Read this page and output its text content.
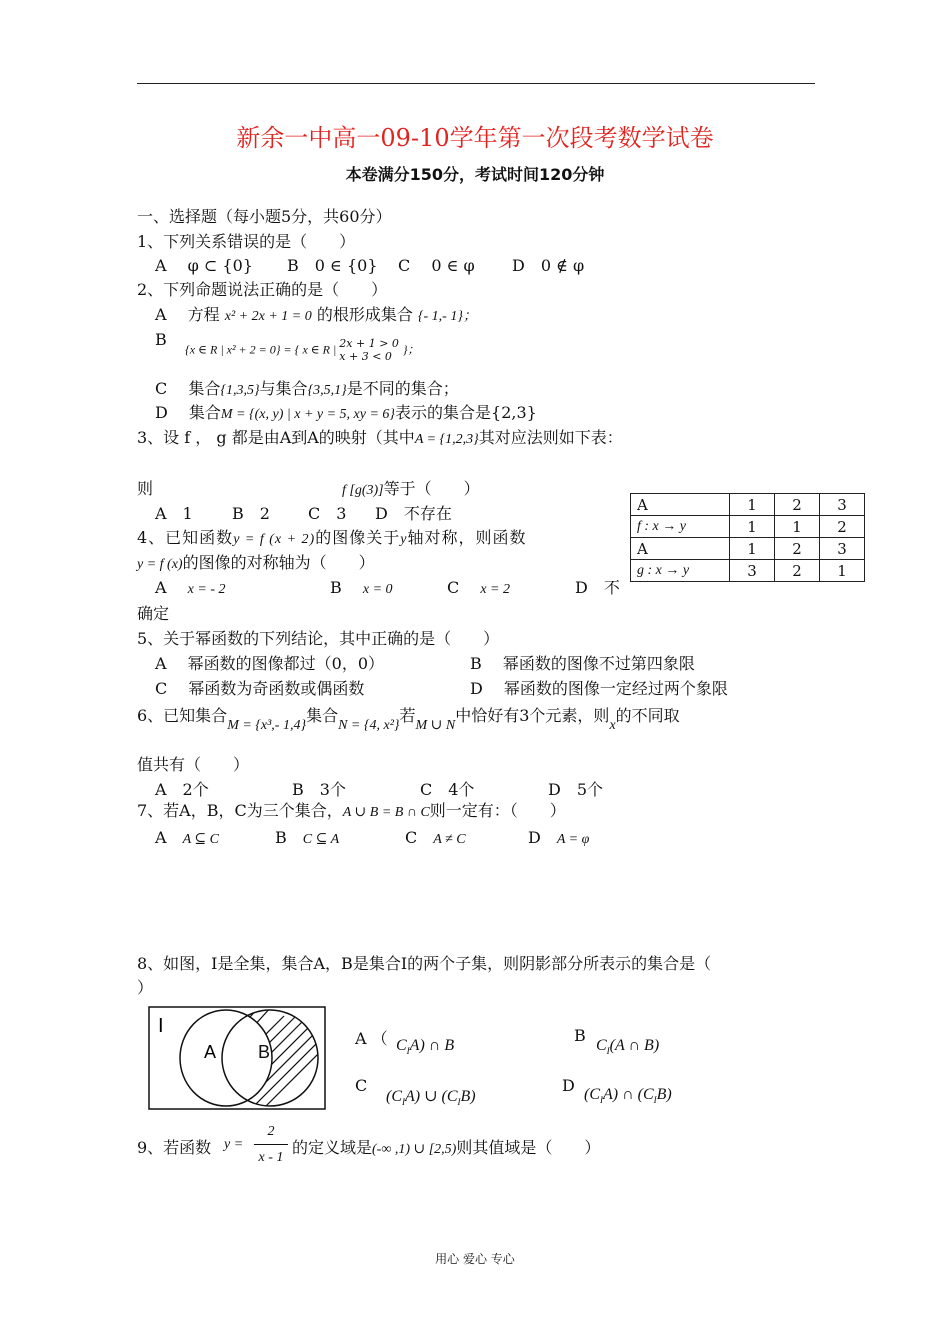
新余一中高一09-10学年第一次段考数学试卷
本卷满分150分，考试时间120分钟
一、选择题（每小题5分，共60分）
1、下列关系错误的是（　　）
A　 φ ⊂ {0} B　0 ∈ {0} C　 0 ∈ φ D　0 ∉ φ
2、下列命题说法正确的是（　　）
A　 方程 x² + 2x + 1 = 0 的根形成集合 {- 1,- 1}；
B
{x ∈ R | x² + 2 = 0} = { x ∈ R | 2x + 1 > 0
x + 3 < 0 }；
C　 集合{1,3,5}与集合{3,5,1}是不同的集合；
D　 集合M = {(x, y) | x + y = 5, xy = 6}表示的集合是{2,3}
3、设 f ， g 都是由A到A的映射（其中A = {1,2,3}其对应法则如下表：
则	f [g(3)]等于（　　）
A　1 B　2 C　3 D　不存在	A	1	2	3
f : x → y	1	1	2
A	1	2	3
g : x → y	3	2	1
4、已知函数y = f (x + 2)的图像关于y轴对称，则函数
y = f (x)的图像的对称轴为（　　）
A　 x = - 2	B　 x = 0	C　 x = 2	D　不
确定
5、关于幂函数的下列结论，其中正确的是（　　）
A　 幂函数的图像都过（0，0）	B　 幂函数的图像不过第四象限
C　 幂函数为奇函数或偶函数	D　 幂函数的图像一定经过两个象限
6、已知集合M = {x³,- 1,4}集合N = {4, x²}若M ∪ N中恰好有3个元素，则x的不同取
值共有（　　）
A　2个	B　3个	C　4个	D　5个
7、若A，B，C为三个集合，A ∪ B = B ∩ C则一定有：（　　）
A　 A ⊆ C	B　 C ⊆ A	C　 A ≠ C	D　 A = φ
8、如图，I是全集，集合A，B是集合I的两个子集，则阴影部分所表示的集合是（
）
I
A B
A （ $C_IA$) ∩ B
B
$C_I(A$ ∩ B)
C
$(C_IA)$ ∪ $(C_IB)$
D $(C_IA)$ ∩ $(C_IB)$
9、若函数 y =
2
x - 1
的定义域是(-∞ ,1) ∪ [2,5)则其值域是（　　）
用心 爱心 专心
